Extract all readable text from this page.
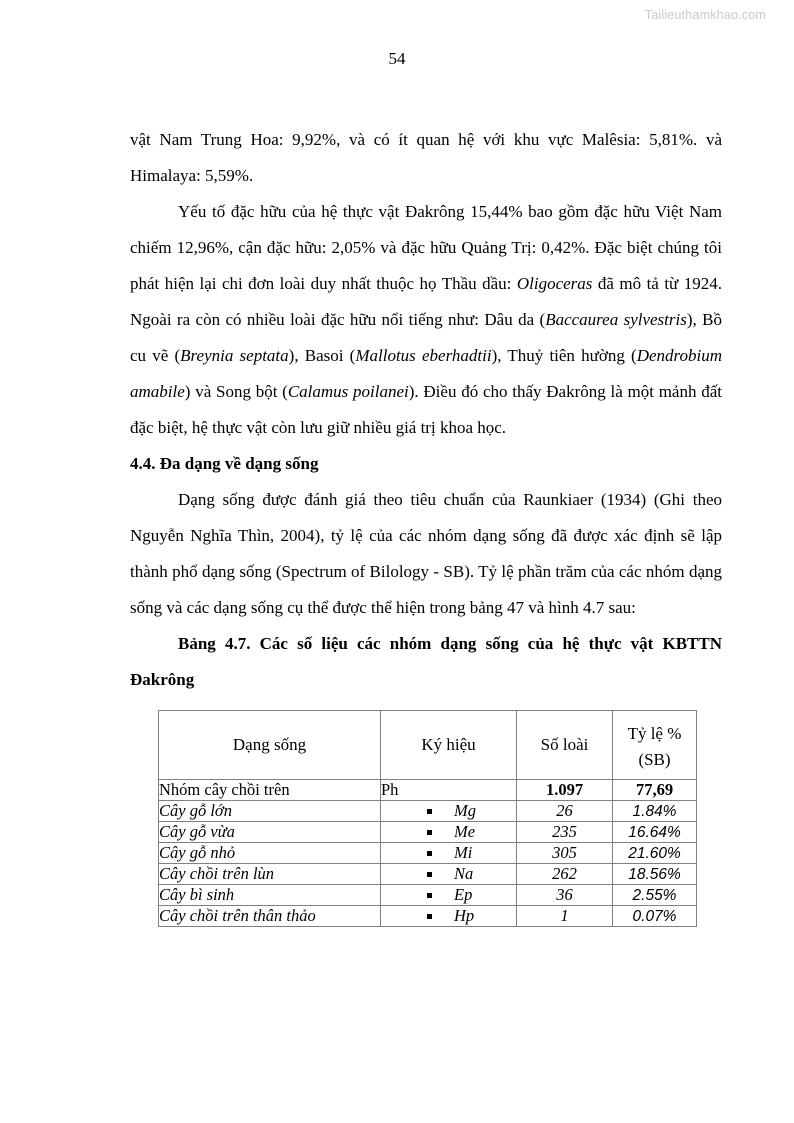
Tailieuthamkhao.com
54

vật Nam Trung Hoa: 9,92%, và có ít quan hệ với khu vực Malêsia: 5,81%. và Himalaya: 5,59%.

Yếu tố đặc hữu của hệ thực vật Đakrông 15,44% bao gồm đặc hữu Việt Nam chiếm 12,96%, cận đặc hữu: 2,05% và đặc hữu Quảng Trị: 0,42%. Đặc biệt chúng tôi phát hiện lại chi đơn loài duy nhất thuộc họ Thầu dầu: Oligoceras đã mô tả từ 1924. Ngoài ra còn có nhiều loài đặc hữu nổi tiếng như: Dâu da (Baccaurea sylvestris), Bồ cu vẽ (Breynia septata), Basoi (Mallotus eberhadtii), Thuỷ tiên hường (Dendrobium amabile) và Song bột (Calamus poilanei). Điều đó cho thấy Đakrông là một mảnh đất đặc biệt, hệ thực vật còn lưu giữ nhiều giá trị khoa học.

4.4. Đa dạng về dạng sống

Dạng sống được đánh giá theo tiêu chuẩn của Raunkiaer (1934) (Ghi theo Nguyễn Nghĩa Thìn, 2004), tỷ lệ của các nhóm dạng sống đã được xác định sẽ lập thành phổ dạng sống (Spectrum of Bilology - SB). Tỷ lệ phần trăm của các nhóm dạng sống và các dạng sống cụ thể được thể hiện trong bảng 47 và hình 4.7 sau:

Bảng 4.7. Các số liệu các nhóm dạng sống của hệ thực vật KBTTN Đakrông

Dạng sống	Ký hiệu	Số loài	Tỷ lệ %
(SB)

Nhóm cây chồi trên	Ph	1.097	77,69
Cây gỗ lớn	Mg	26	1.84%
Cây gỗ vừa	Me	235	16.64%
Cây gỗ nhỏ	Mi	305	21.60%
Cây chồi trên lùn	Na	262	18.56%
Cây bì sinh	Ep	36	2.55%
Cây chồi trên thân thảo	Hp	1	0.07%
